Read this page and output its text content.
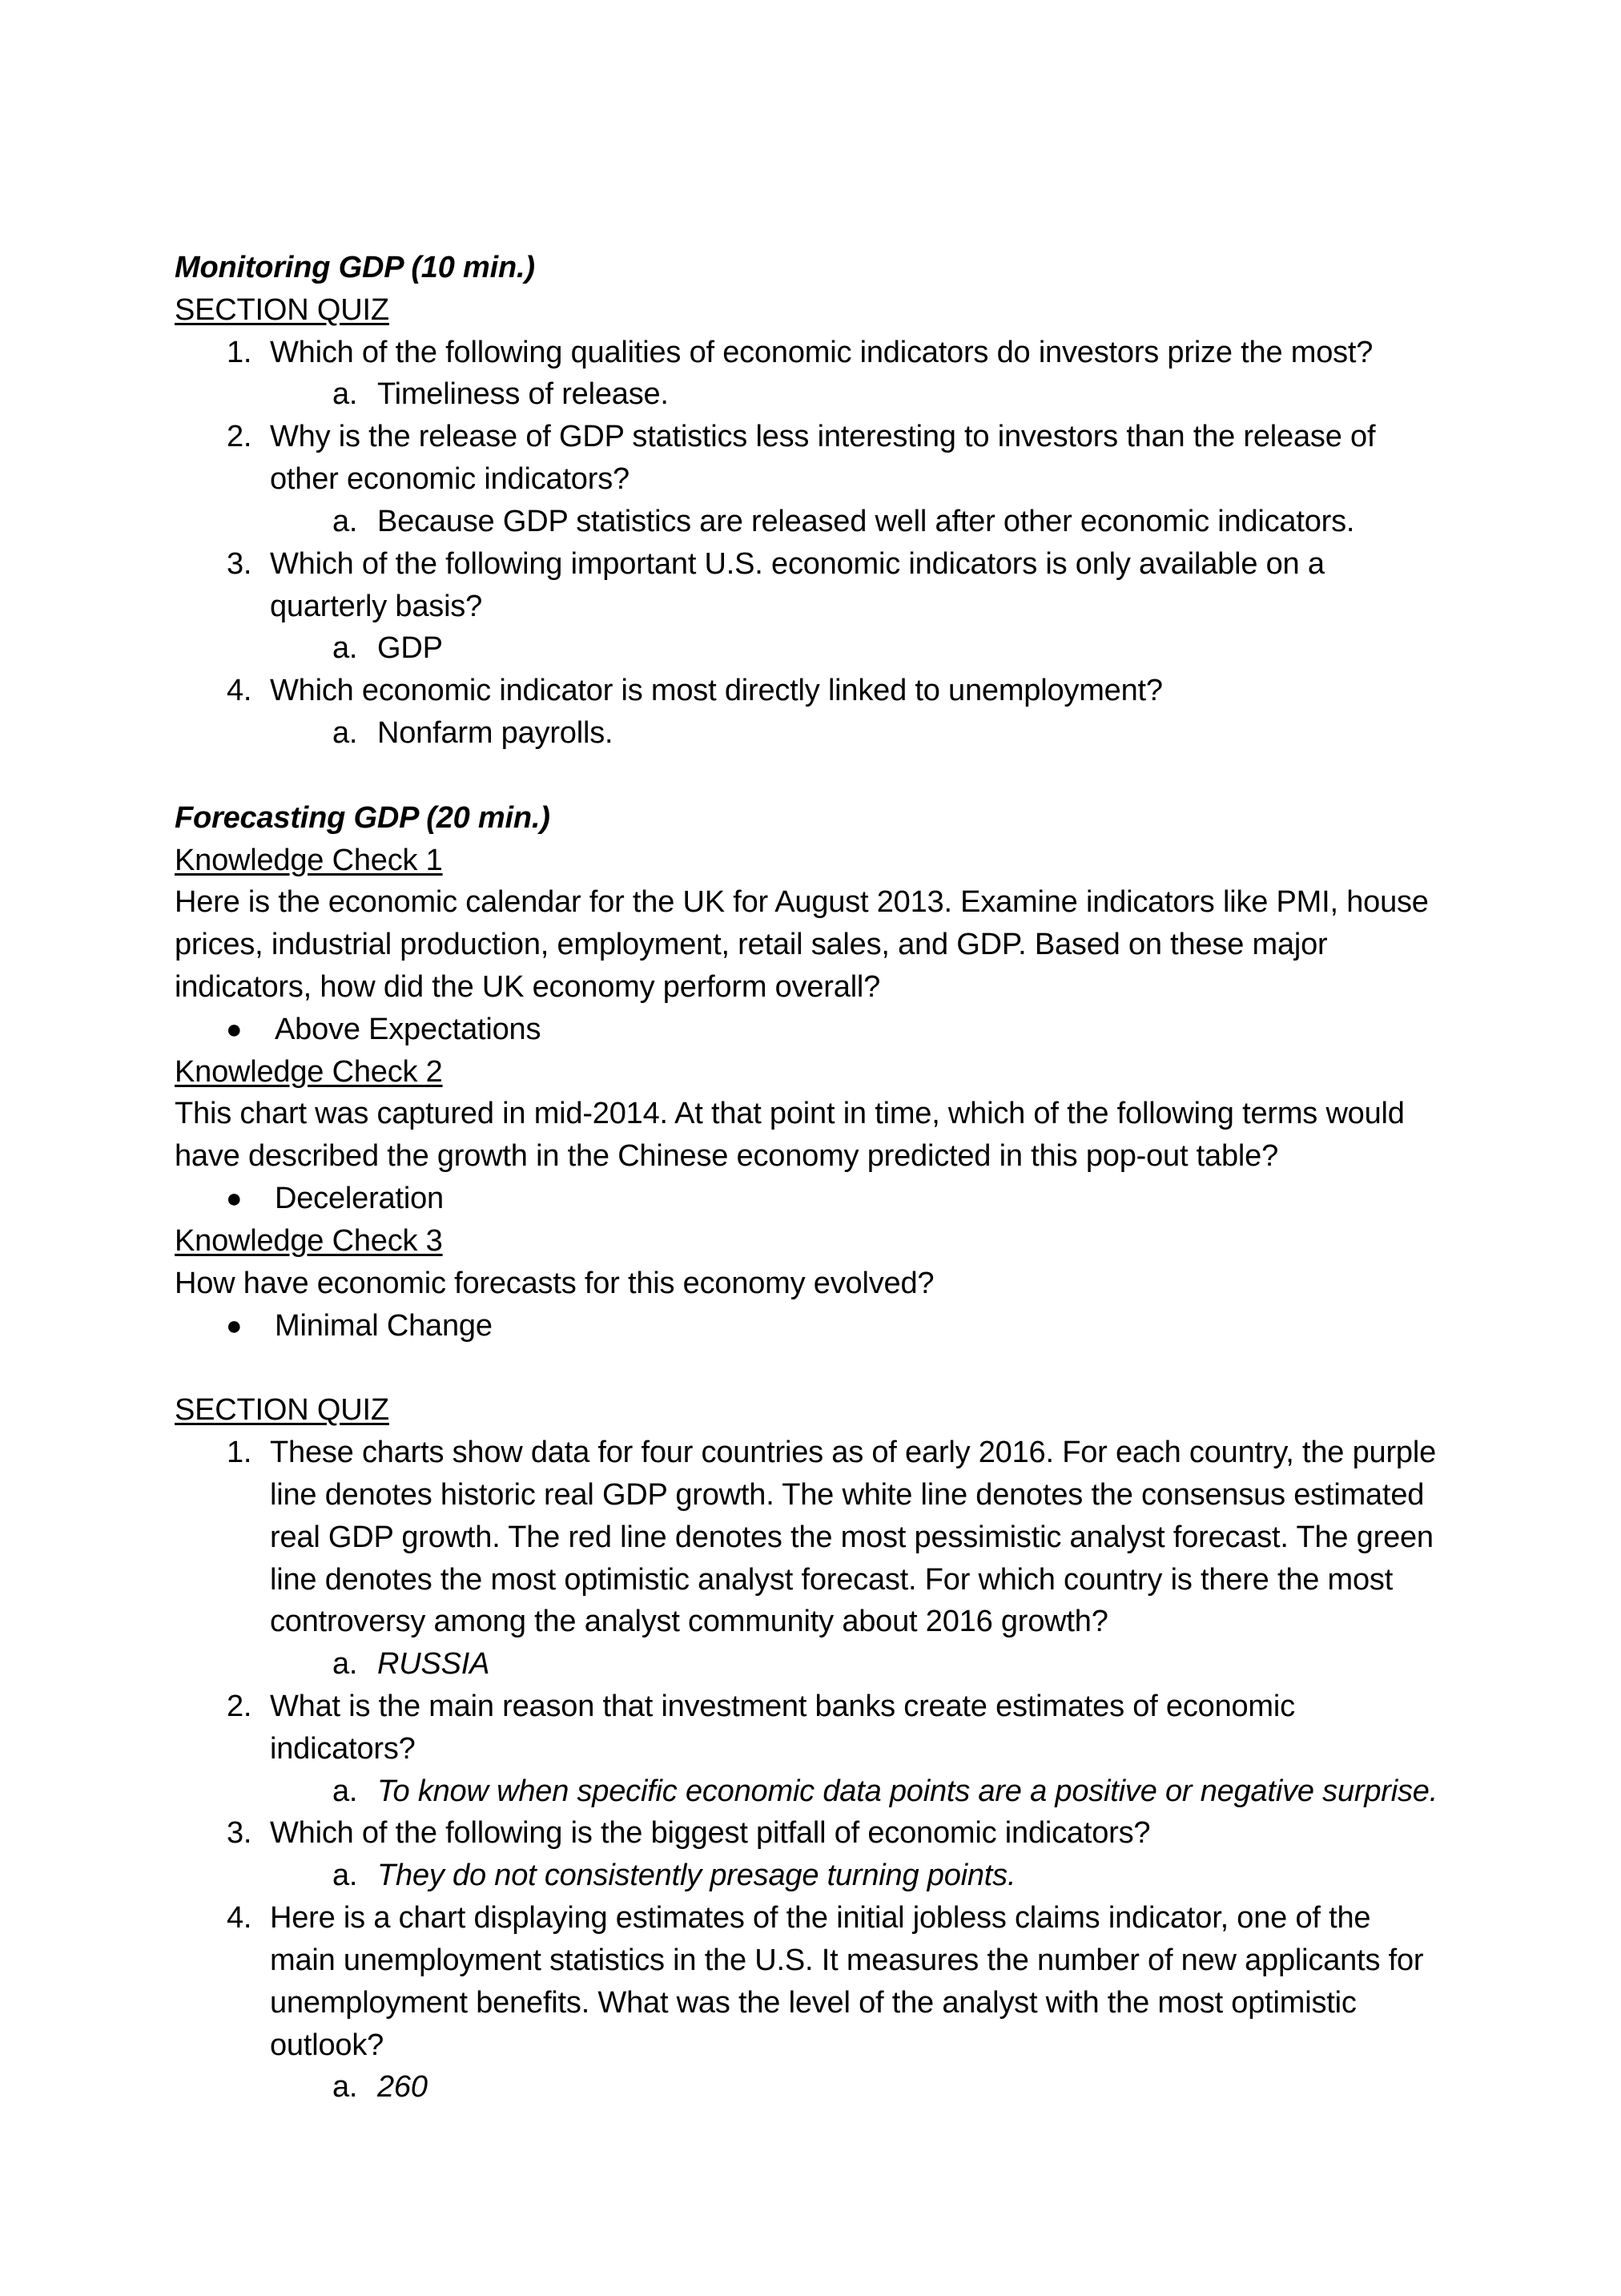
Monitoring GDP (10 min.)
SECTION QUIZ
1. Which of the following qualities of economic indicators do investors prize the most?
a. Timeliness of release.
2. Why is the release of GDP statistics less interesting to investors than the release of other economic indicators?
a. Because GDP statistics are released well after other economic indicators.
3. Which of the following important U.S. economic indicators is only available on a quarterly basis?
a. GDP
4. Which economic indicator is most directly linked to unemployment?
a. Nonfarm payrolls.
Forecasting GDP (20 min.)
Knowledge Check 1
Here is the economic calendar for the UK for August 2013. Examine indicators like PMI, house prices, industrial production, employment, retail sales, and GDP. Based on these major indicators, how did the UK economy perform overall?
● Above Expectations
Knowledge Check 2
This chart was captured in mid-2014. At that point in time, which of the following terms would have described the growth in the Chinese economy predicted in this pop-out table?
● Deceleration
Knowledge Check 3
How have economic forecasts for this economy evolved?
● Minimal Change
SECTION QUIZ
1. These charts show data for four countries as of early 2016. For each country, the purple line denotes historic real GDP growth. The white line denotes the consensus estimated real GDP growth. The red line denotes the most pessimistic analyst forecast. The green line denotes the most optimistic analyst forecast. For which country is there the most controversy among the analyst community about 2016 growth?
a. RUSSIA
2. What is the main reason that investment banks create estimates of economic indicators?
a. To know when specific economic data points are a positive or negative surprise.
3. Which of the following is the biggest pitfall of economic indicators?
a. They do not consistently presage turning points.
4. Here is a chart displaying estimates of the initial jobless claims indicator, one of the main unemployment statistics in the U.S. It measures the number of new applicants for unemployment benefits. What was the level of the analyst with the most optimistic outlook?
a. 260
